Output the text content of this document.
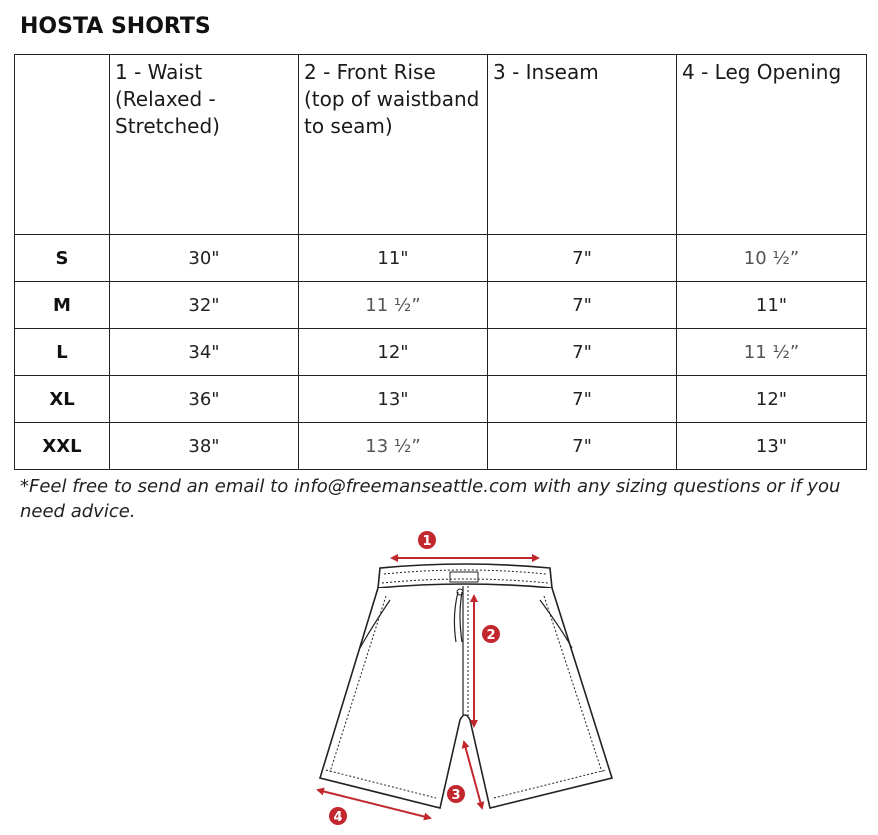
HOSTA SHORTS
	1 - Waist (Relaxed - Stretched)	2 - Front Rise (top of waistband to seam)	3 - Inseam	4 - Leg Opening
S	30"	11"	7"	10 ½”
M	32"	11 ½”	7"	11"
L	34"	12"	7"	11 ½”
XL	36"	13"	7"	12"
XXL	38"	13 ½”	7"	13"
*Feel free to send an email to info@freemanseattle.com with any sizing questions or if you need advice.
1
2
3
4
